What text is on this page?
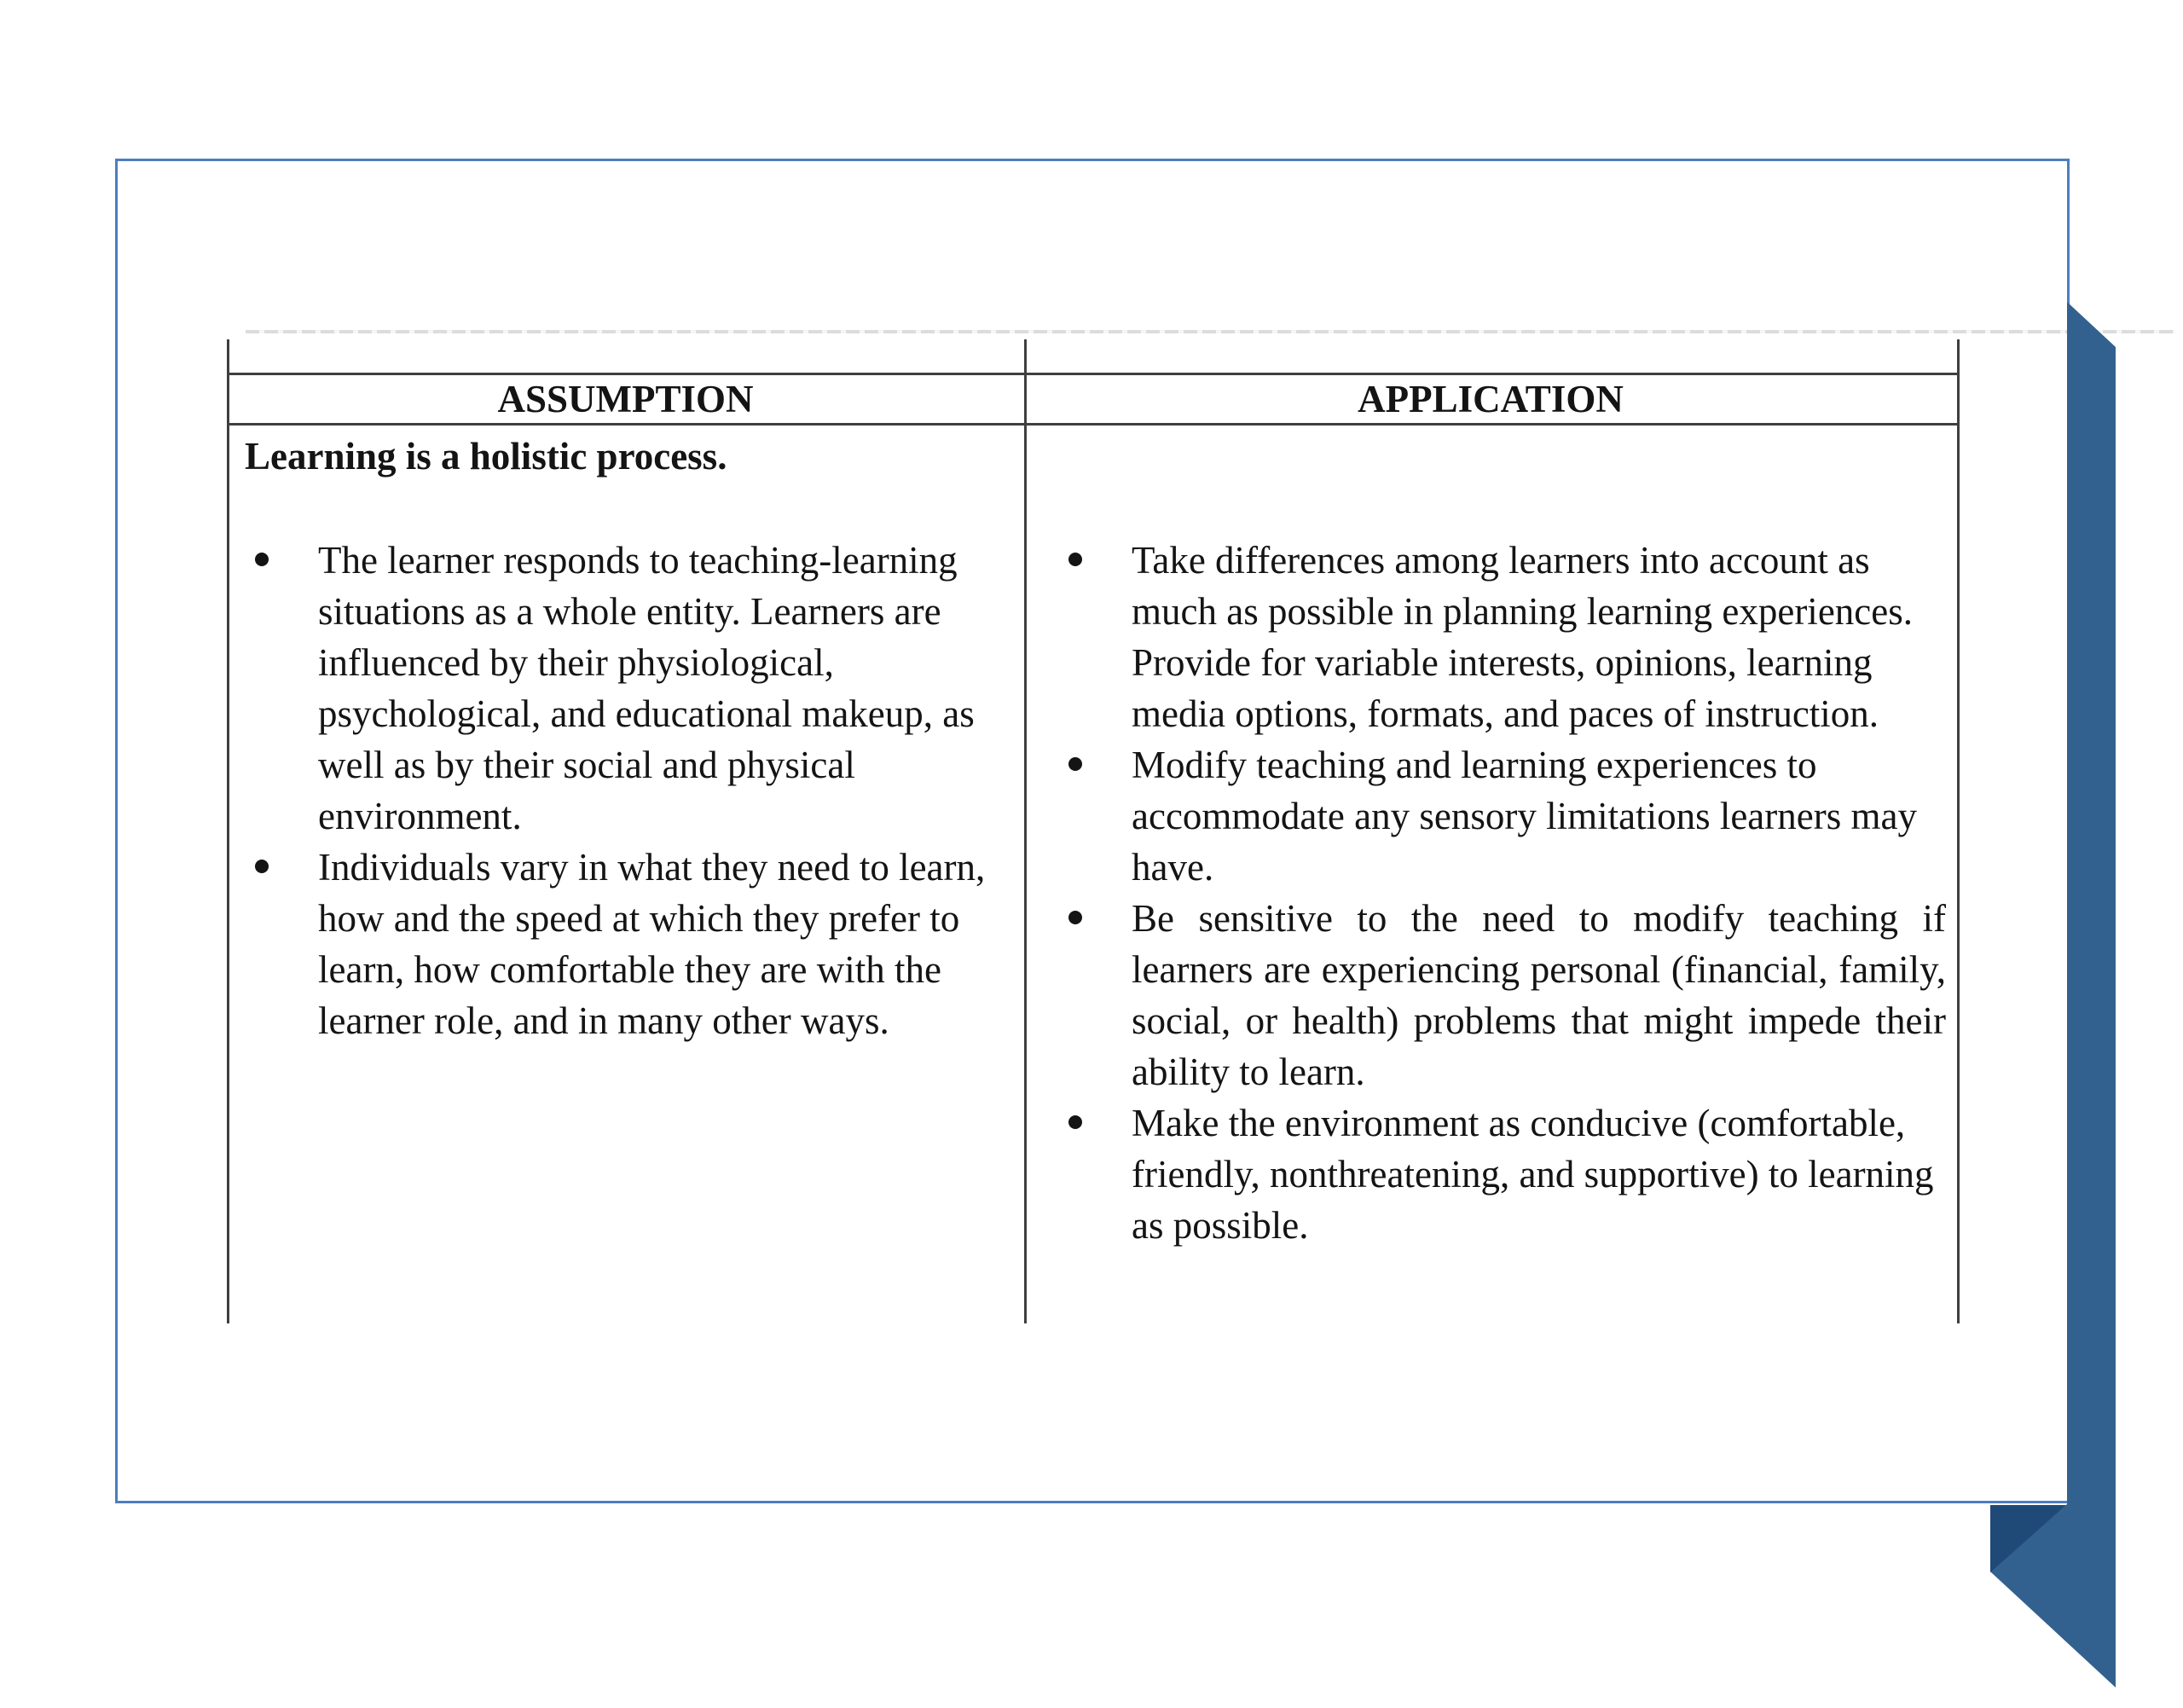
ASSUMPTION	APPLICATION
Learning is a holistic process.
The learner responds to teaching-learning situations as a whole entity. Learners are influenced by their physiological, psychological, and educational makeup, as well as by their social and physical environment.
Individuals vary in what they need to learn, how and the speed at which they prefer to learn, how comfortable they are with the learner role, and in many other ways.
Take differences among learners into account as much as possible in planning learning experiences. Provide for variable interests, opinions, learning media options, formats, and paces of instruction.
Modify teaching and learning experiences to accommodate any sensory limitations learners may have.
Be sensitive to the need to modify teaching if learners are experiencing personal (financial, family, social, or health) problems that might impede their ability to learn.
Make the environment as conducive (comfortable, friendly, nonthreatening, and supportive) to learning as possible.
